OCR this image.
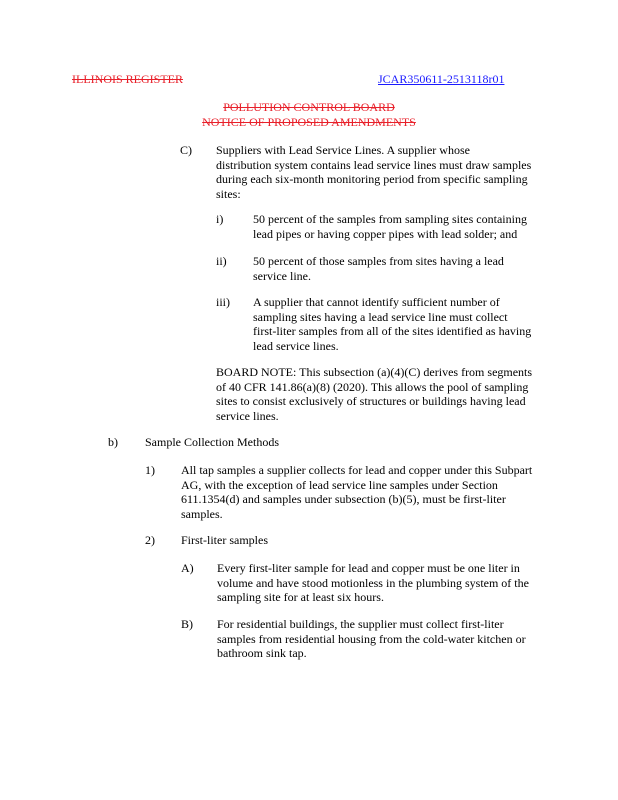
ILLINOIS REGISTER	JCAR350611-2513118r01
POLLUTION CONTROL BOARD
NOTICE OF PROPOSED AMENDMENTS
C) Suppliers with Lead Service Lines. A supplier whose
distribution system contains lead service lines must draw samples
during each six-month monitoring period from specific sampling
sites:
i) 50 percent of the samples from sampling sites containing
lead pipes or having copper pipes with lead solder; and
ii) 50 percent of those samples from sites having a lead
service line.
iii) A supplier that cannot identify sufficient number of
sampling sites having a lead service line must collect
first-liter samples from all of the sites identified as having
lead service lines.
BOARD NOTE: This subsection (a)(4)(C) derives from segments
of 40 CFR 141.86(a)(8) (2020). This allows the pool of sampling
sites to consist exclusively of structures or buildings having lead
service lines.
b) Sample Collection Methods
1) All tap samples a supplier collects for lead and copper under this Subpart
AG, with the exception of lead service line samples under Section
611.1354(d) and samples under subsection (b)(5), must be first-liter
samples.
2) First-liter samples
A) Every first-liter sample for lead and copper must be one liter in
volume and have stood motionless in the plumbing system of the
sampling site for at least six hours.
B) For residential buildings, the supplier must collect first-liter
samples from residential housing from the cold-water kitchen or
bathroom sink tap.
